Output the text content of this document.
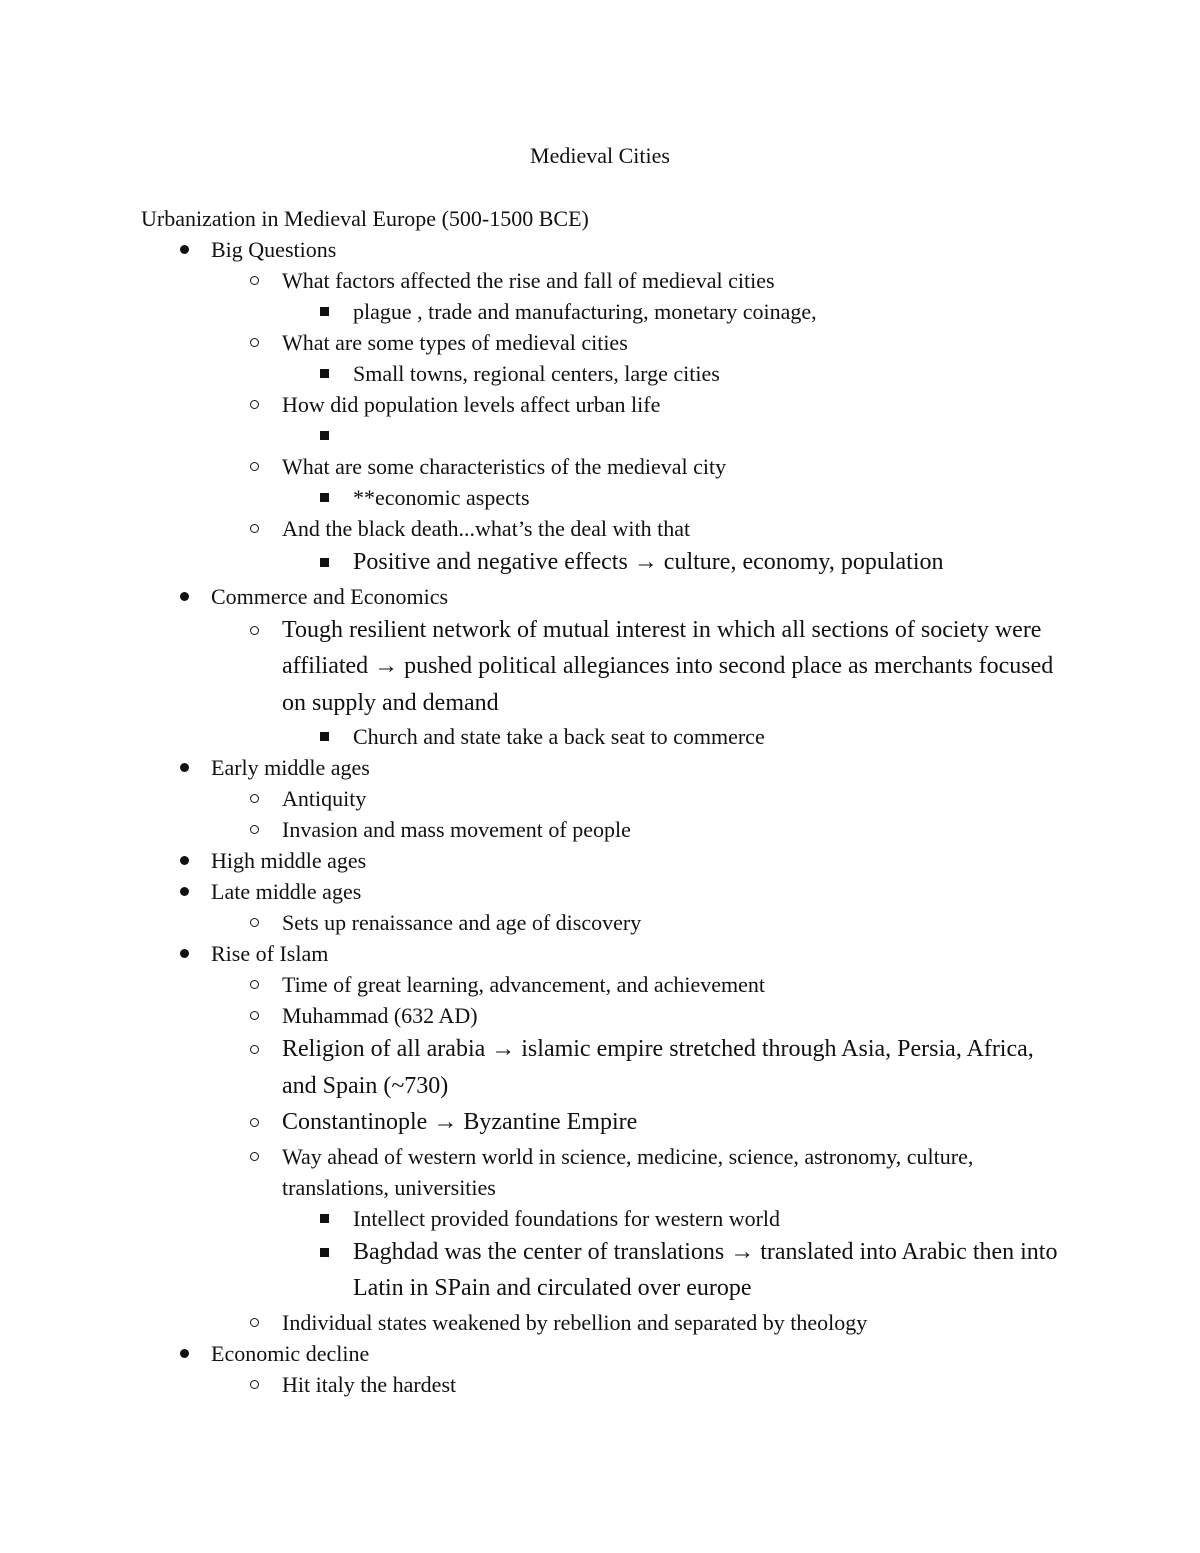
Medieval Cities
Urbanization in Medieval Europe (500-1500 BCE)
Big Questions
What factors affected the rise and fall of medieval cities
plague , trade and manufacturing, monetary coinage,
What are some types of medieval cities
Small towns, regional centers, large cities
How did population levels affect urban life

What are some characteristics of the medieval city
**economic aspects
And the black death...what’s the deal with that
Positive and negative effects → culture, economy, population
Commerce and Economics
Tough resilient network of mutual interest in which all sections of society were affiliated → pushed political allegiances into second place as merchants focused on supply and demand
Church and state take a back seat to commerce
Early middle ages
Antiquity
Invasion and mass movement of people
High middle ages
Late middle ages
Sets up renaissance and age of discovery
Rise of Islam
Time of great learning, advancement, and achievement
Muhammad (632 AD)
Religion of all arabia → islamic empire stretched through Asia, Persia, Africa, and Spain (~730)
Constantinople → Byzantine Empire
Way ahead of western world in science, medicine, science, astronomy, culture, translations, universities
Intellect provided foundations for western world
Baghdad was the center of translations → translated into Arabic then into Latin in SPain and circulated over europe
Individual states weakened by rebellion and separated by theology
Economic decline
Hit italy the hardest
